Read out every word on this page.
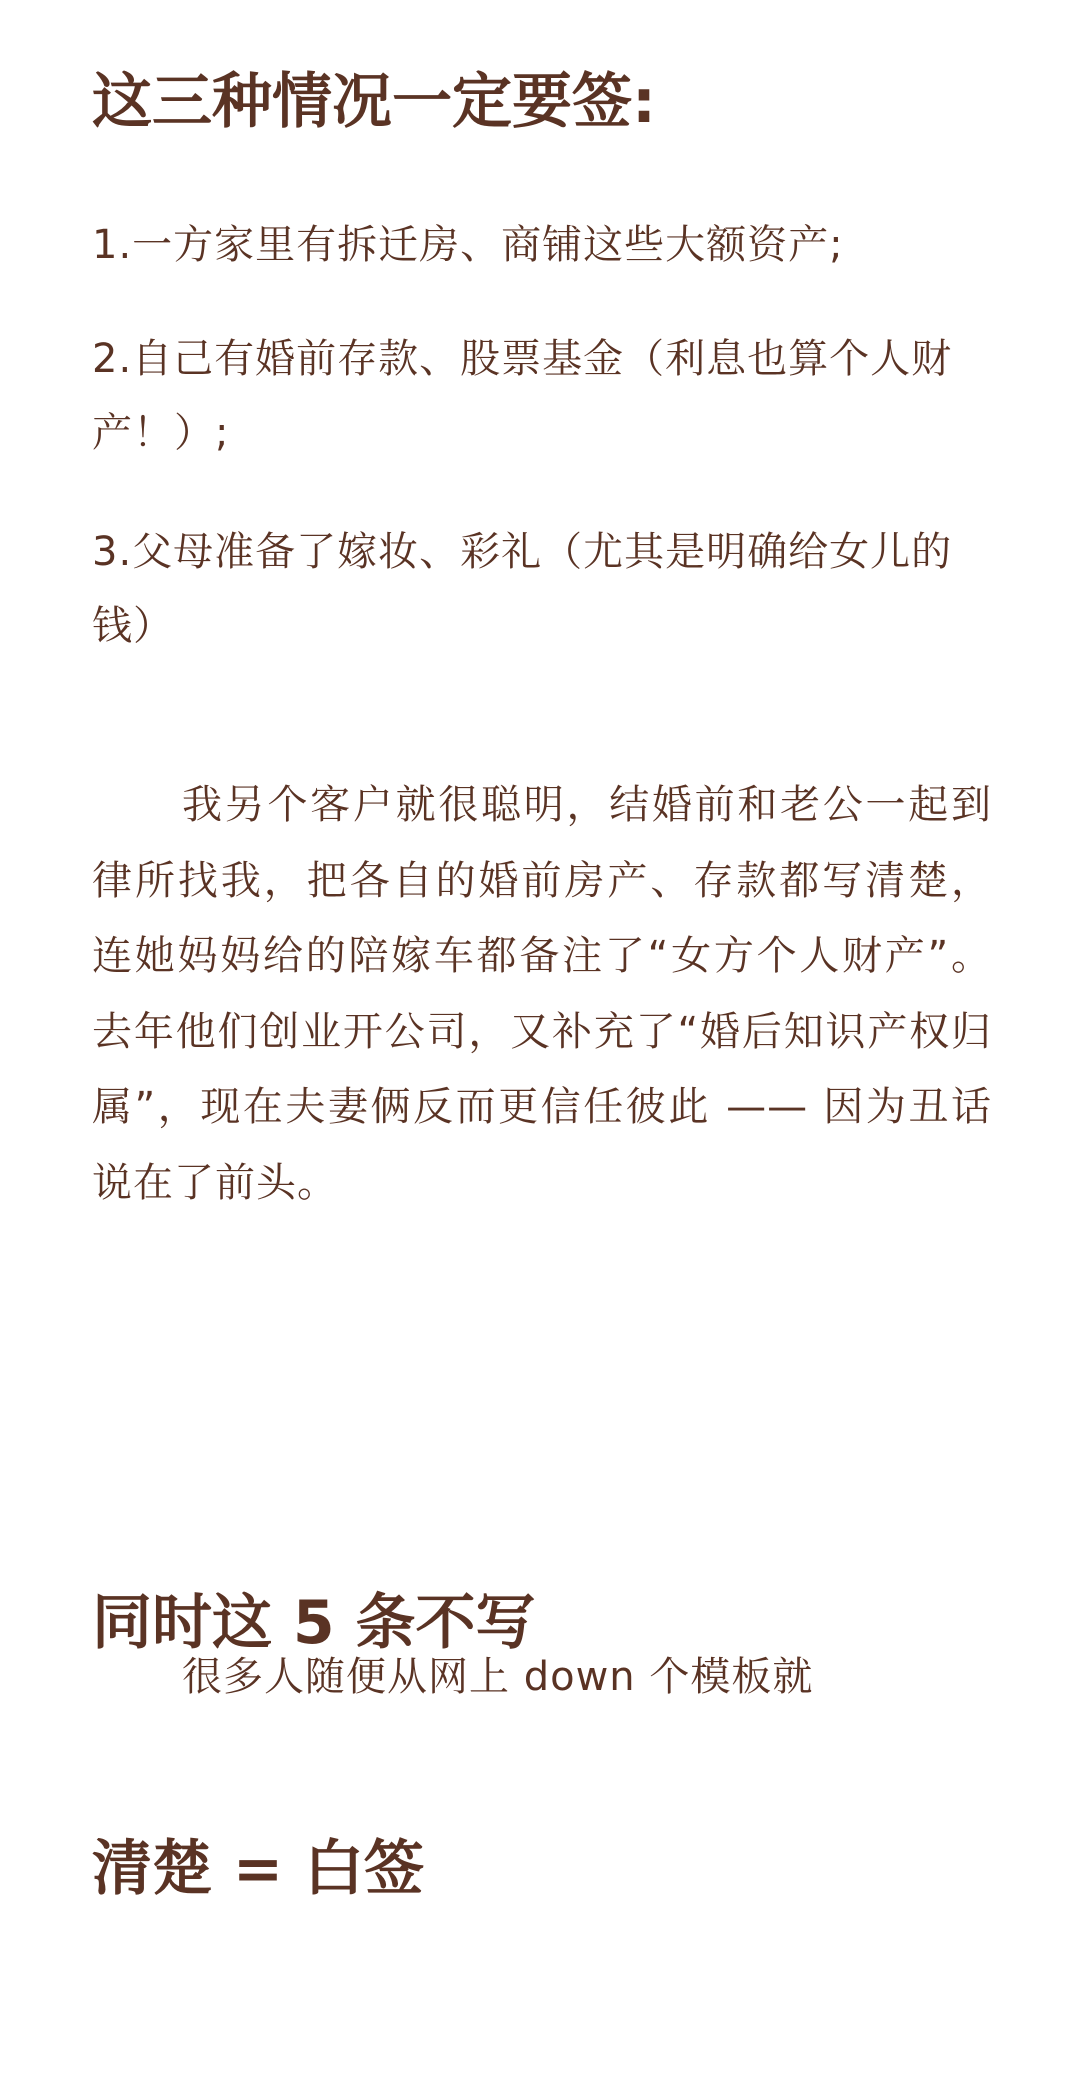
这三种情况一定要签:

1.一方家里有拆迁房、商铺这些大额资产;

2.自己有婚前存款、股票基金（利息也算个人财产！）;

3.父母准备了嫁妆、彩礼（尤其是明确给女儿的钱）

我另个客户就很聪明，结婚前和老公一起到律所找我，把各自的婚前房产、存款都写清楚，连她妈妈给的陪嫁车都备注了“女方个人财产”。去年他们创业开公司，又补充了“婚后知识产权归属”，现在夫妻俩反而更信任彼此 —— 因为丑话说在了前头。

同时这 5 条不写

清楚 = 白签

很多人随便从网上 down 个模板就
